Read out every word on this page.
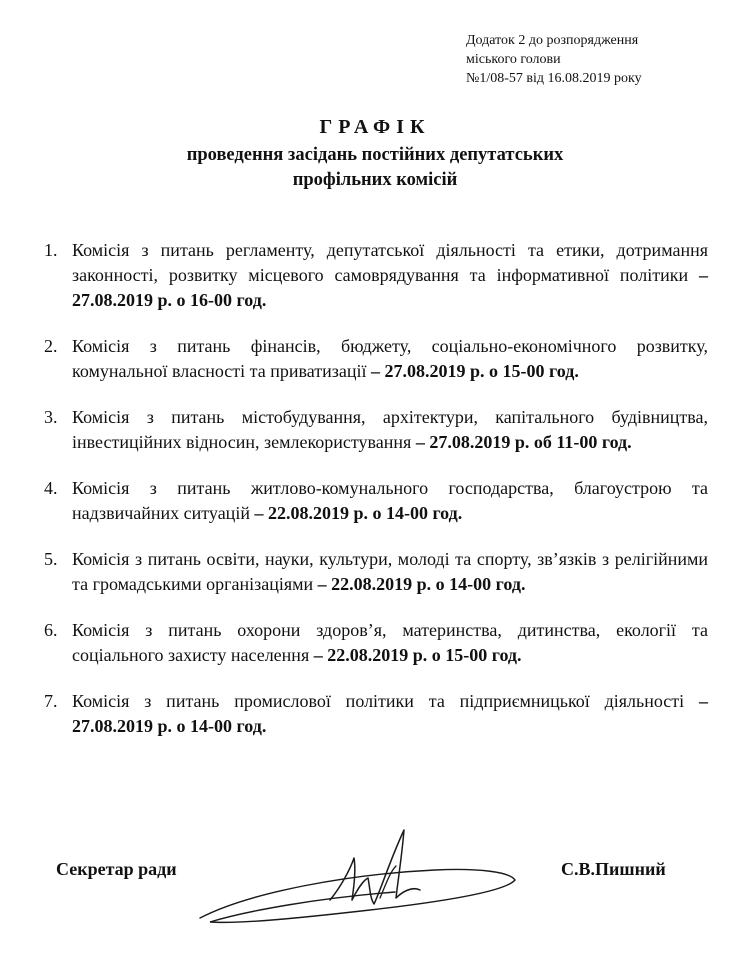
Додаток 2 до розпорядження
міського голови
№1/08-57 від 16.08.2019 року
ГРАФІК
проведення засідань постійних депутатських
профільних комісій
1. Комісія з питань регламенту, депутатської діяльності та етики, дотримання законності, розвитку місцевого самоврядування та інформативної політики – 27.08.2019 р. о 16-00 год.
2. Комісія з питань фінансів, бюджету, соціально-економічного розвитку, комунальної власності та приватизації – 27.08.2019 р. о 15-00 год.
3. Комісія з питань містобудування, архітектури, капітального будівництва, інвестиційних відносин, землекористування – 27.08.2019 р. об 11-00 год.
4. Комісія з питань житлово-комунального господарства, благоустрою та надзвичайних ситуацій – 22.08.2019 р. о 14-00 год.
5. Комісія з питань освіти, науки, культури, молоді та спорту, зв’язків з релігійними та громадськими організаціями – 22.08.2019 р. о 14-00 год.
6. Комісія з питань охорони здоров’я, материнства, дитинства, екології та соціального захисту населення – 22.08.2019 р. о 15-00 год.
7. Комісія з питань промислової політики та підприємницької діяльності – 27.08.2019 р. о 14-00 год.
Секретар ради	С.В.Пишний
